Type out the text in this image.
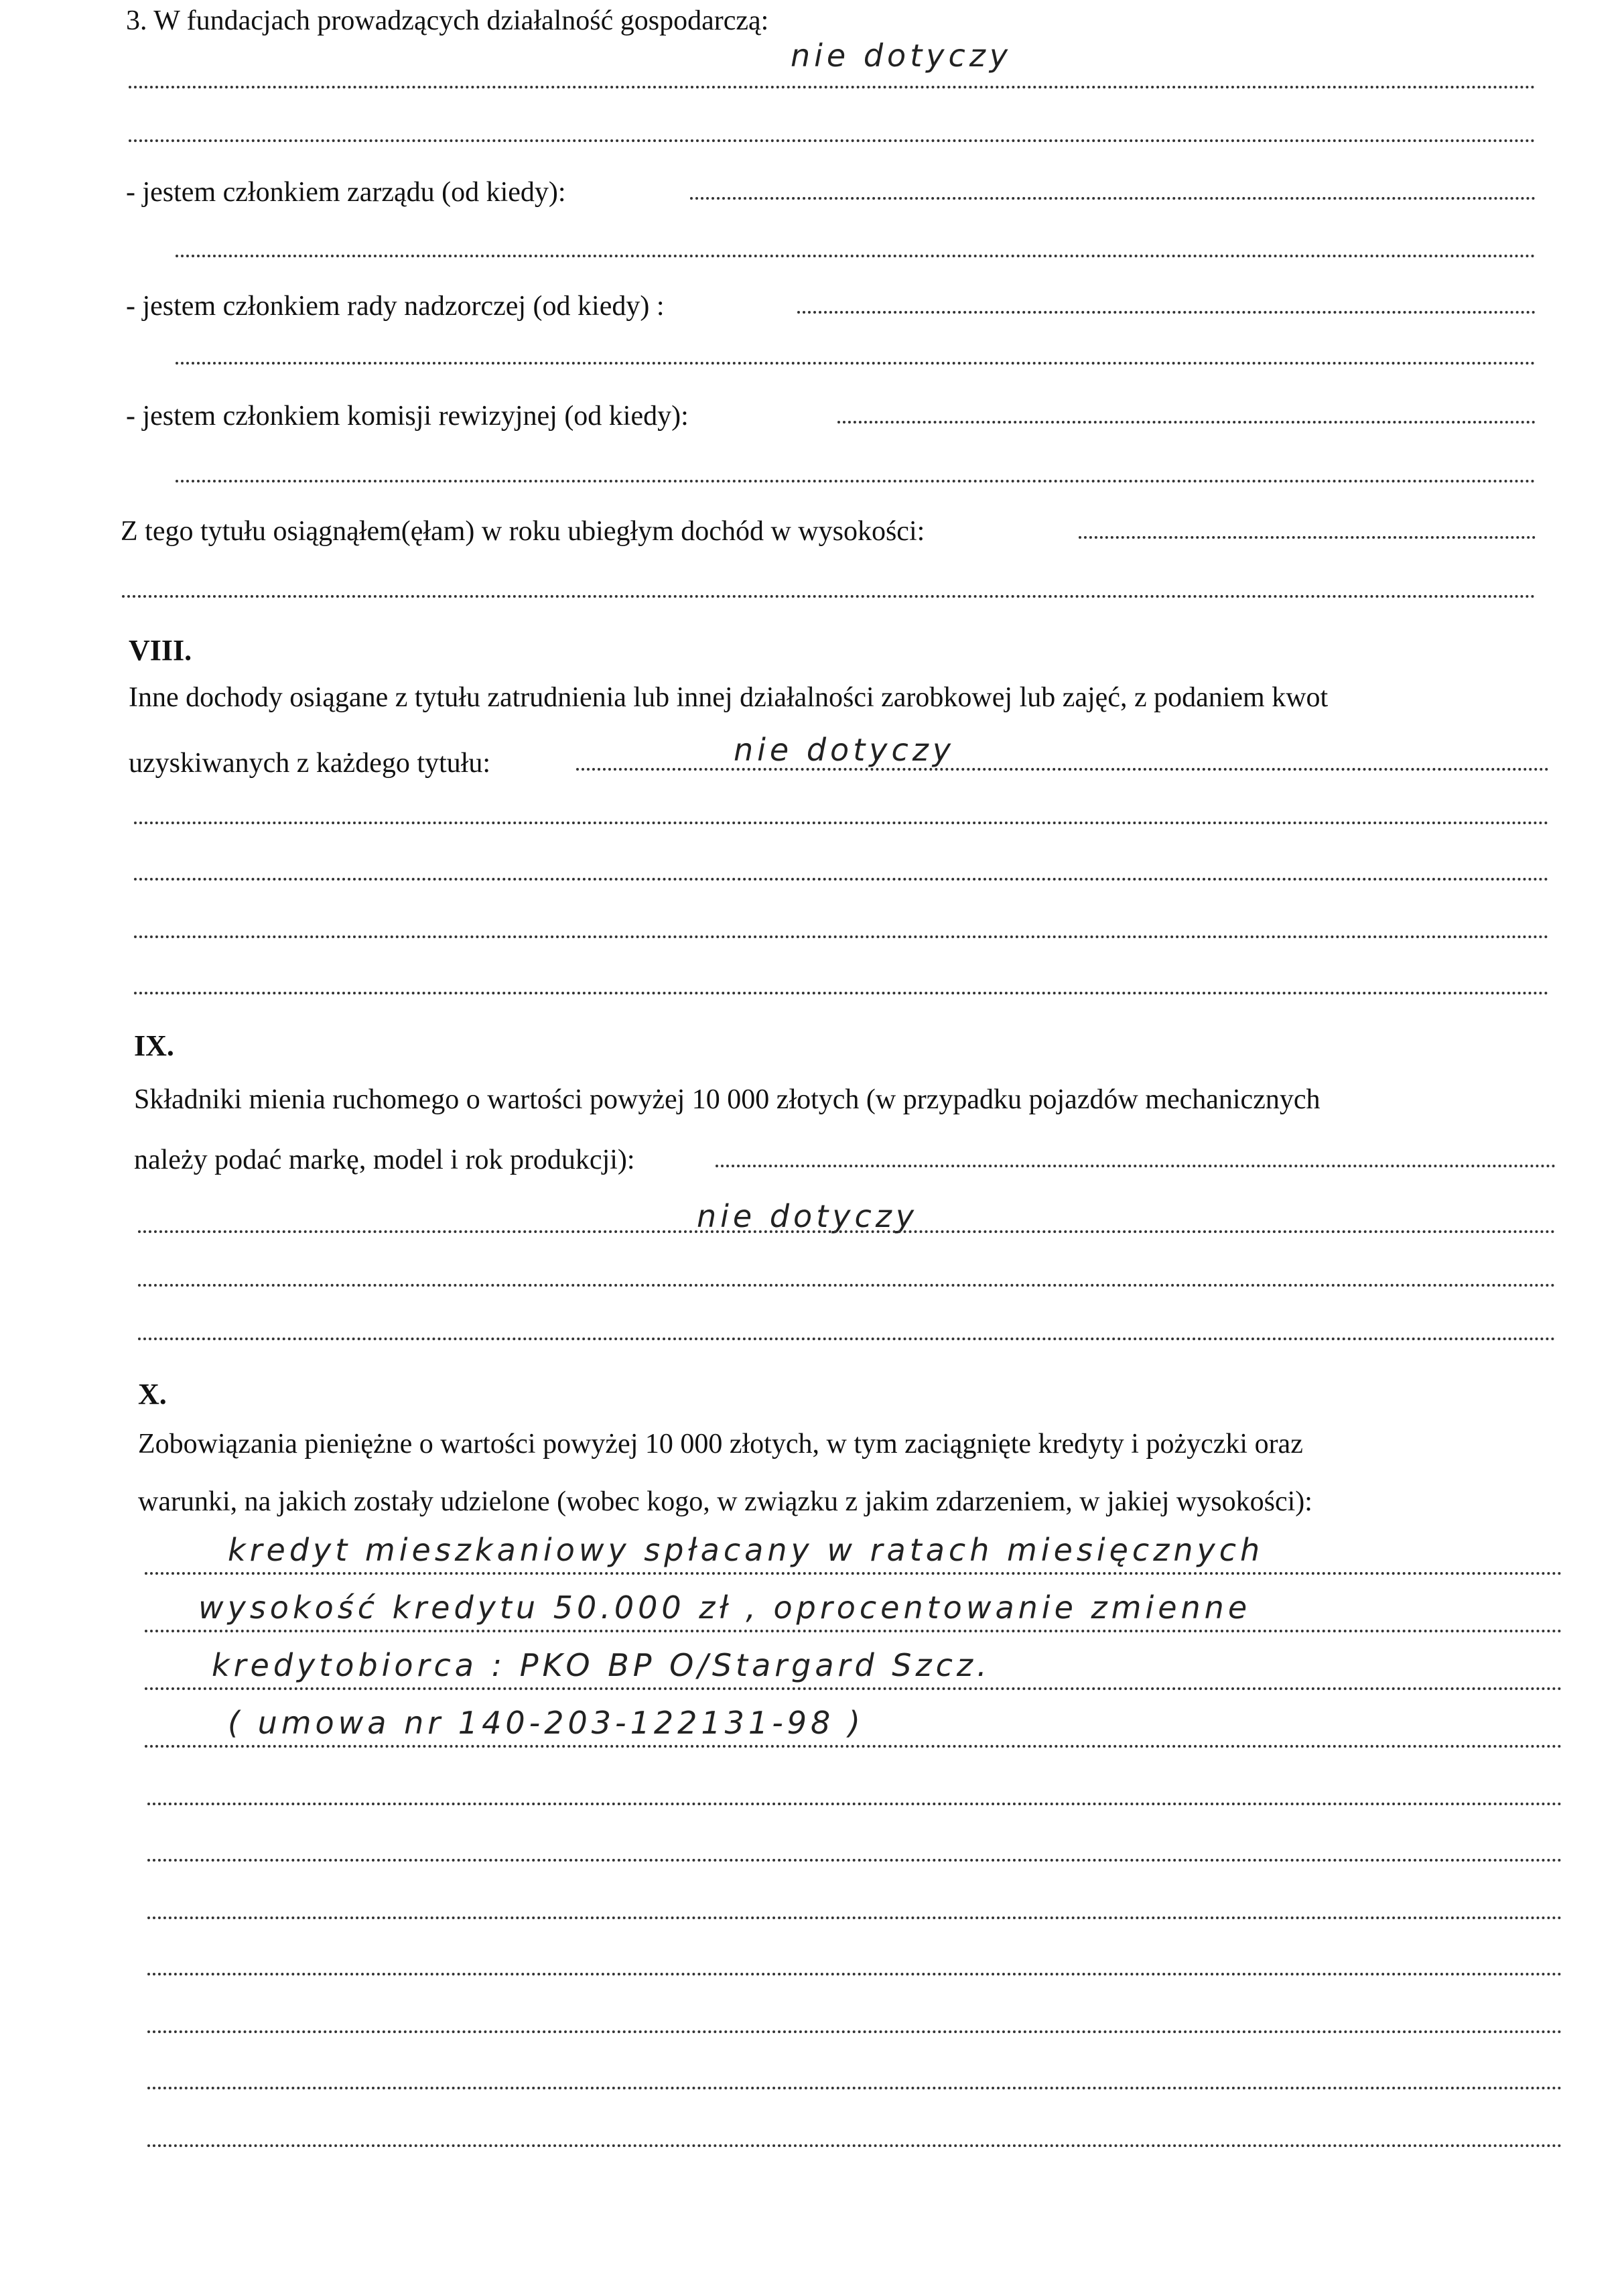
3. W fundacjach prowadzących działalność gospodarczą:
nie dotyczy
- jestem członkiem zarządu (od kiedy):
- jestem członkiem rady nadzorczej (od kiedy) :
- jestem członkiem komisji rewizyjnej (od kiedy):
Z tego tytułu osiągnąłem(ęłam) w roku ubiegłym dochód w wysokości:
VIII.
Inne dochody osiągane z tytułu zatrudnienia lub innej działalności zarobkowej lub zajęć, z podaniem kwot
uzyskiwanych z każdego tytułu:	nie dotyczy
IX.
Składniki mienia ruchomego o wartości powyżej 10 000 złotych (w przypadku pojazdów mechanicznych
należy podać markę, model i rok produkcji):
nie dotyczy
X.
Zobowiązania pieniężne o wartości powyżej 10 000 złotych, w tym zaciągnięte kredyty i pożyczki oraz
warunki, na jakich zostały udzielone (wobec kogo, w związku z jakim zdarzeniem, w jakiej wysokości):
kredyt mieszkaniowy spłacany w ratach miesięcznych
wysokość kredytu 50.000 zł , oprocentowanie zmienne
kredytobiorca : PKO BP O/Stargard Szcz.
( umowa nr 140-203-122131-98 )
